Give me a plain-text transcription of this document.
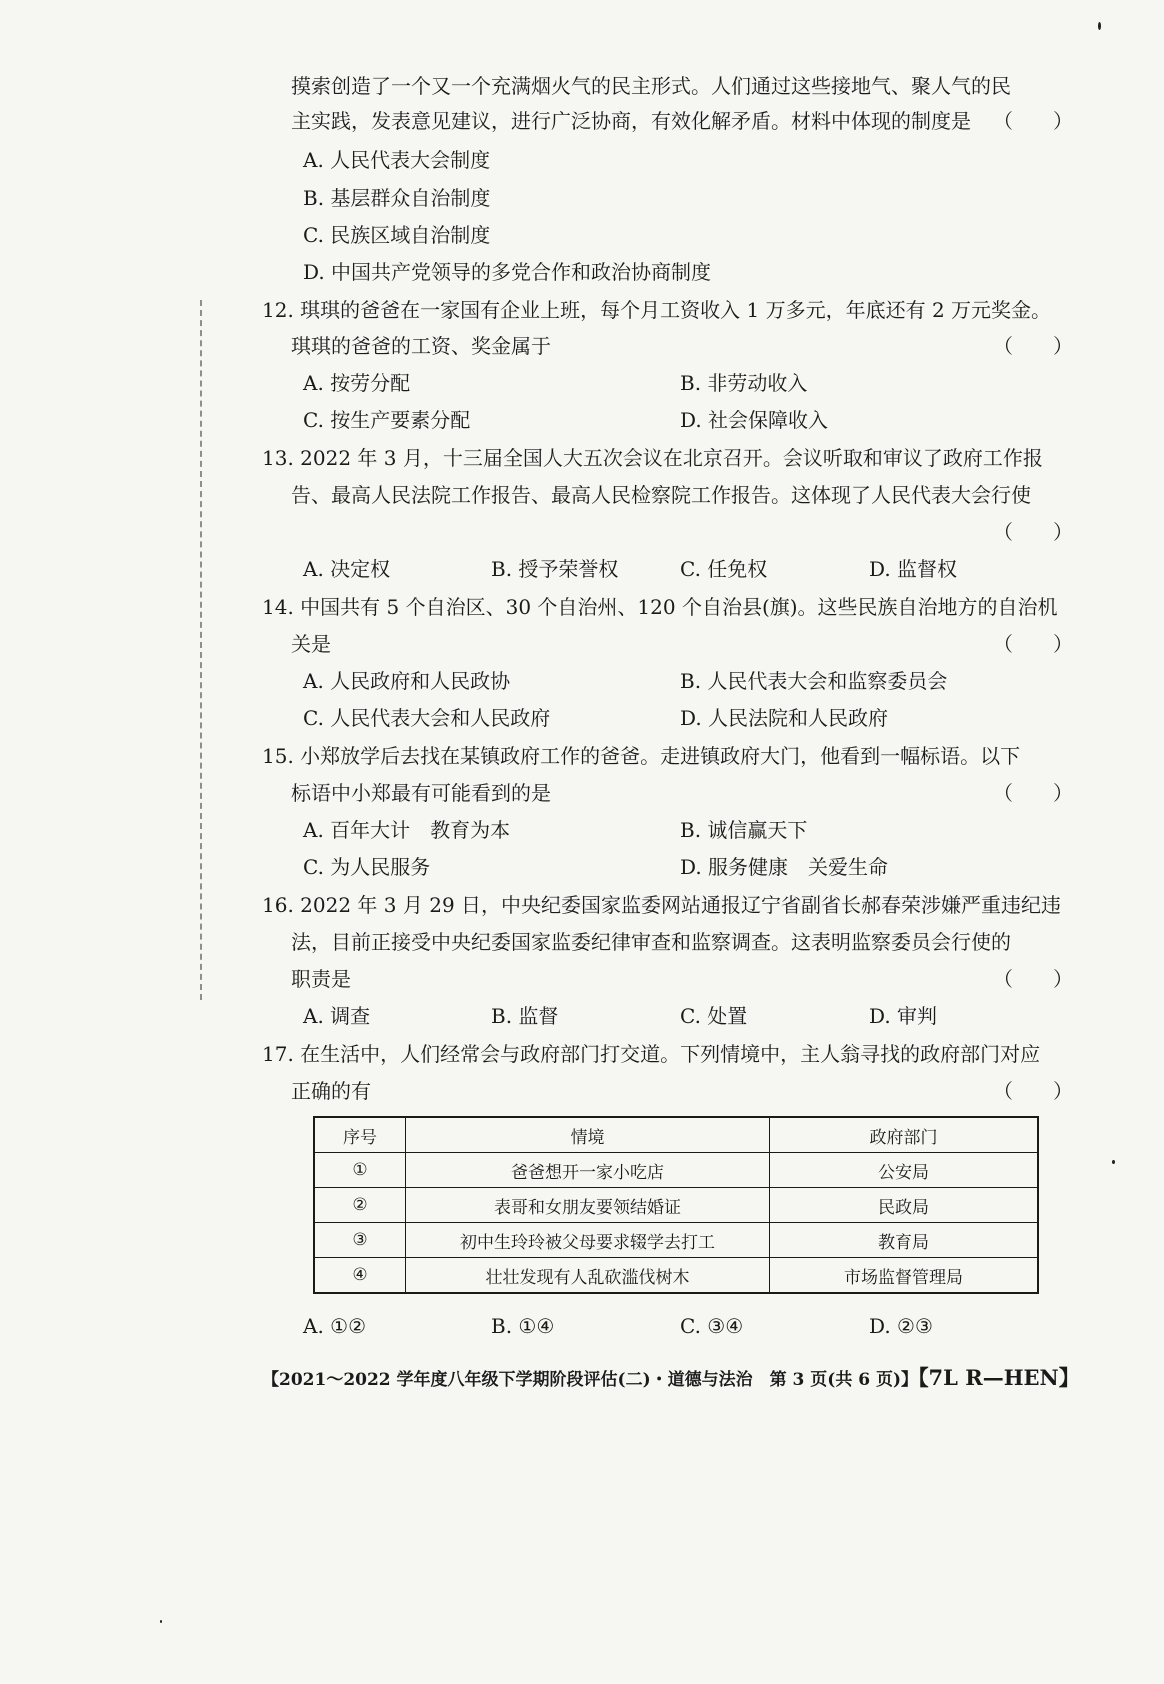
摸索创造了一个又一个充满烟火气的民主形式。人们通过这些接地气、聚人气的民
主实践，发表意见建议，进行广泛协商，有效化解矛盾。材料中体现的制度是 （　　）
A. 人民代表大会制度
B. 基层群众自治制度
C. 民族区域自治制度
D. 中国共产党领导的多党合作和政治协商制度
12. 琪琪的爸爸在一家国有企业上班，每个月工资收入 1 万多元，年底还有 2 万元奖金。
琪琪的爸爸的工资、奖金属于	（　　）
A. 按劳分配	B. 非劳动收入
C. 按生产要素分配	D. 社会保障收入
13. 2022 年 3 月，十三届全国人大五次会议在北京召开。会议听取和审议了政府工作报
告、最高人民法院工作报告、最高人民检察院工作报告。这体现了人民代表大会行使
（　　）
A. 决定权	B. 授予荣誉权	C. 任免权	D. 监督权
14. 中国共有 5 个自治区、30 个自治州、120 个自治县(旗)。这些民族自治地方的自治机
关是	（　　）
A. 人民政府和人民政协	B. 人民代表大会和监察委员会
C. 人民代表大会和人民政府	D. 人民法院和人民政府
15. 小郑放学后去找在某镇政府工作的爸爸。走进镇政府大门，他看到一幅标语。以下
标语中小郑最有可能看到的是	（　　）
A. 百年大计　教育为本	B. 诚信赢天下
C. 为人民服务	D. 服务健康　关爱生命
16. 2022 年 3 月 29 日，中央纪委国家监委网站通报辽宁省副省长郝春荣涉嫌严重违纪违
法，目前正接受中央纪委国家监委纪律审查和监察调查。这表明监察委员会行使的
职责是	（　　）
A. 调查	B. 监督	C. 处置	D. 审判
17. 在生活中，人们经常会与政府部门打交道。下列情境中，主人翁寻找的政府部门对应
正确的有	（　　）
序号	情境	政府部门
①	爸爸想开一家小吃店	公安局
②	表哥和女朋友要领结婚证	民政局
③	初中生玲玲被父母要求辍学去打工	教育局
④	壮壮发现有人乱砍滥伐树木	市场监督管理局
A. ①②	B. ①④	C. ③④	D. ②③
【2021～2022 学年度八年级下学期阶段评估(二)・道德与法治　第 3 页(共 6 页)】【7L R—HEN】
